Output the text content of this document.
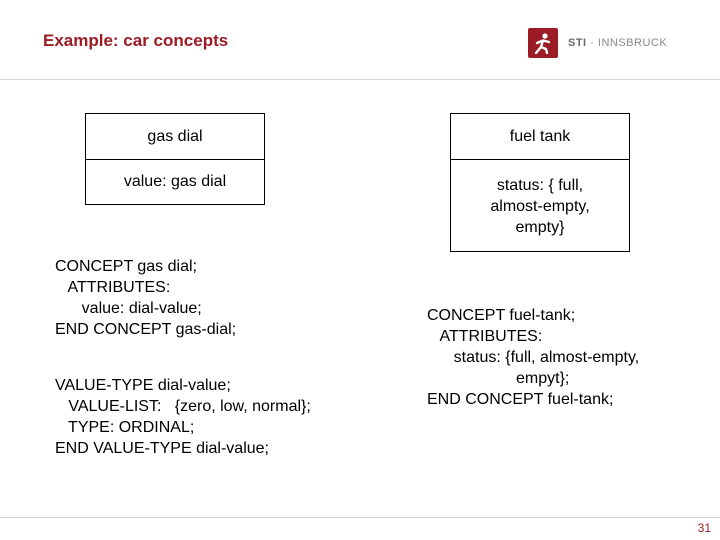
Example: car concepts	STI · INNSBRUCK
gas dial
value: gas dial
fuel tank
status: { full,
almost-empty,
empty}
CONCEPT gas dial;
ATTRIBUTES:
value: dial-value;
END CONCEPT gas-dial;
VALUE-TYPE dial-value;
VALUE-LIST:   {zero, low, normal};
TYPE: ORDINAL;
END VALUE-TYPE dial-value;
CONCEPT fuel-tank;
ATTRIBUTES:
status: {full, almost-empty,
empyt};
END CONCEPT fuel-tank;
31
